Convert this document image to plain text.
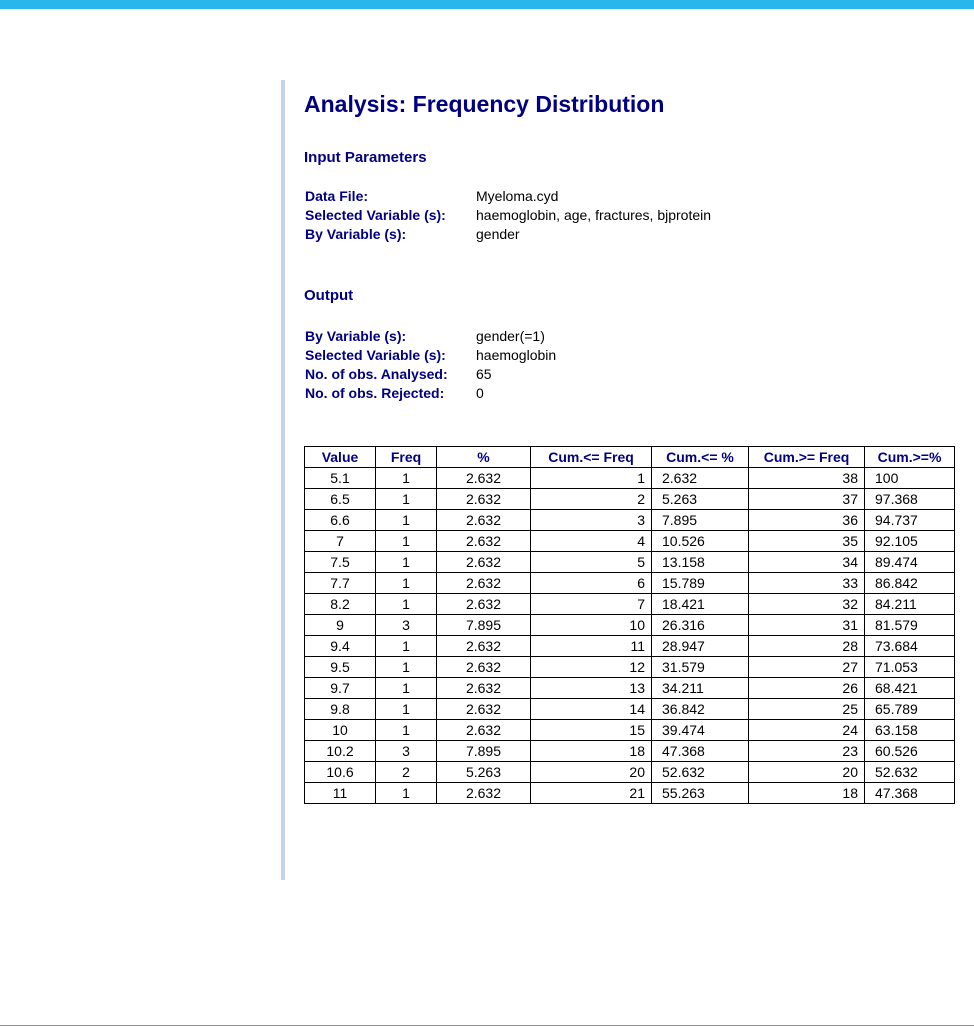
Analysis: Frequency Distribution
Input Parameters
Data File:	Myeloma.cyd
Selected Variable (s): haemoglobin, age, fractures, bjprotein
By Variable (s):	gender
Output
By Variable (s):	gender(=1)
Selected Variable (s): haemoglobin
No. of obs. Analysed: 65
No. of obs. Rejected: 0
Value	Freq	%	Cum.<= Freq	Cum.<= %	Cum.>= Freq	Cum.>=%
5.1	1	2.632	1	2.632	38	100
6.5	1	2.632	2	5.263	37	97.368
6.6	1	2.632	3	7.895	36	94.737
7	1	2.632	4	10.526	35	92.105
7.5	1	2.632	5	13.158	34	89.474
7.7	1	2.632	6	15.789	33	86.842
8.2	1	2.632	7	18.421	32	84.211
9	3	7.895	10	26.316	31	81.579
9.4	1	2.632	11	28.947	28	73.684
9.5	1	2.632	12	31.579	27	71.053
9.7	1	2.632	13	34.211	26	68.421
9.8	1	2.632	14	36.842	25	65.789
10	1	2.632	15	39.474	24	63.158
10.2	3	7.895	18	47.368	23	60.526
10.6	2	5.263	20	52.632	20	52.632
11	1	2.632	21	55.263	18	47.368
